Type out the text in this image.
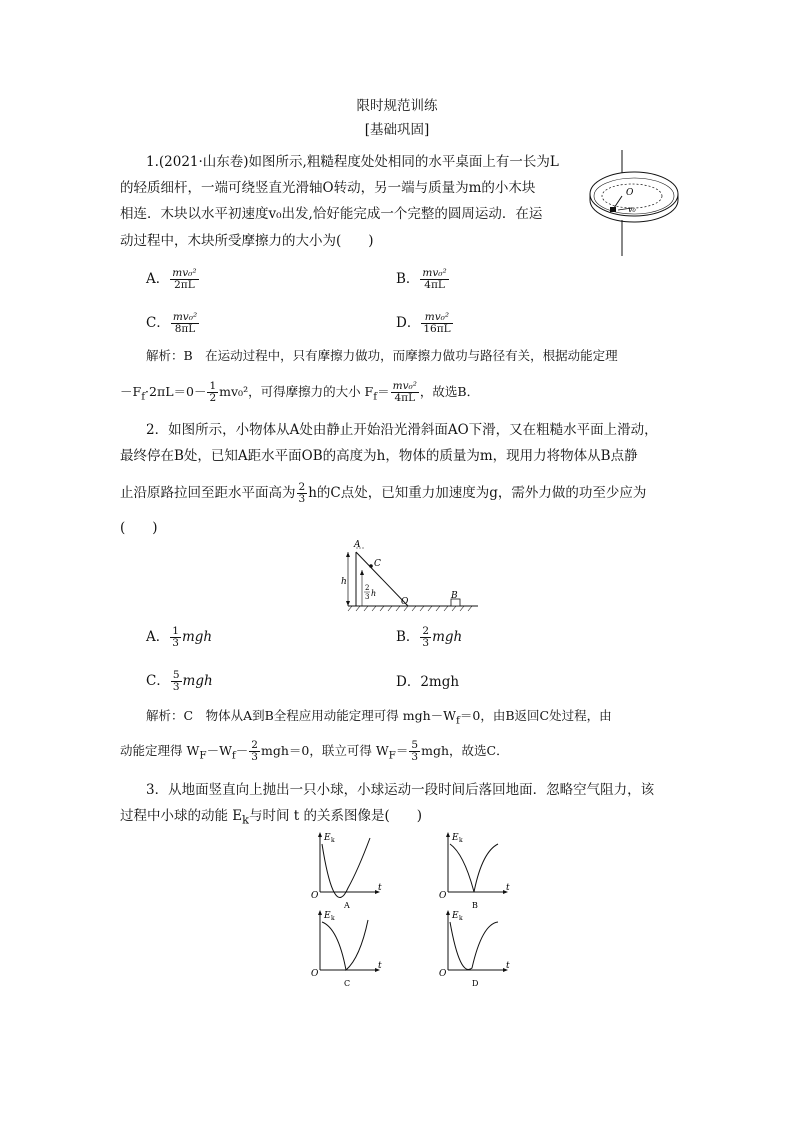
限时规范训练
[基础巩固]
1.(2021·山东卷)如图所示,粗糙程度处处相同的水平桌面上有一长为L
的轻质细杆，一端可绕竖直光滑轴O转动，另一端与质量为m的小木块
相连．木块以水平初速度v₀出发,恰好能完成一个完整的圆周运动．在运
动过程中，木块所受摩擦力的大小为(　　)
O
v₀
A． $\frac{\text{mv₀²}}{2\pi L}$	B． $\frac{\text{mv₀²}}{4\pi L}$
C． $\frac{\text{mv₀²}}{8\pi L}$	D． $\frac{\text{mv₀²}}{16\pi L}$
解析：B　在运动过程中，只有摩擦力做功，而摩擦力做功与路径有关，根据动能定理
$-F_f\cdot 2\pi L=0- \frac{1}{2} mv_0^2$，可得摩擦力的大小 $F_f= \frac{\text{mv₀²}}{4\pi L}$ ，故选B．
2．如图所示，小物体从A处由静止开始沿光滑斜面AO下滑，又在粗糙水平面上滑动，
最终停在B处，已知A距水平面OB的高度为h，物体的质量为m，现用力将物体从B点静
止沿原路拉回至距水平面高为 $\frac{2}{3}$ h的C点处，已知重力加速度为g，需外力做的功至少应为
(　　)
A
C
h
2
3 h
O
B
A． $\frac{1}{3}$ mgh	B． $\frac{2}{3}$ mgh
C． $\frac{5}{3}$ mgh	D．2mgh
解析：C　物体从A到B全程应用动能定理可得 $mgh-W_f=0$，由B返回C处过程，由
动能定理得 $W_F-W_f- \frac{2}{3} mgh=0$，联立可得 $W_F= \frac{5}{3}$ mgh，故选C．
3．从地面竖直向上抛出一只小球，小球运动一段时间后落回地面．忽略空气阻力，该
过程中小球的动能 $E_k$与时间 t 的关系图像是(　　)
E k
t
O
A
E k
t
O
B
E k
t
O
C
E k
t
O
D
